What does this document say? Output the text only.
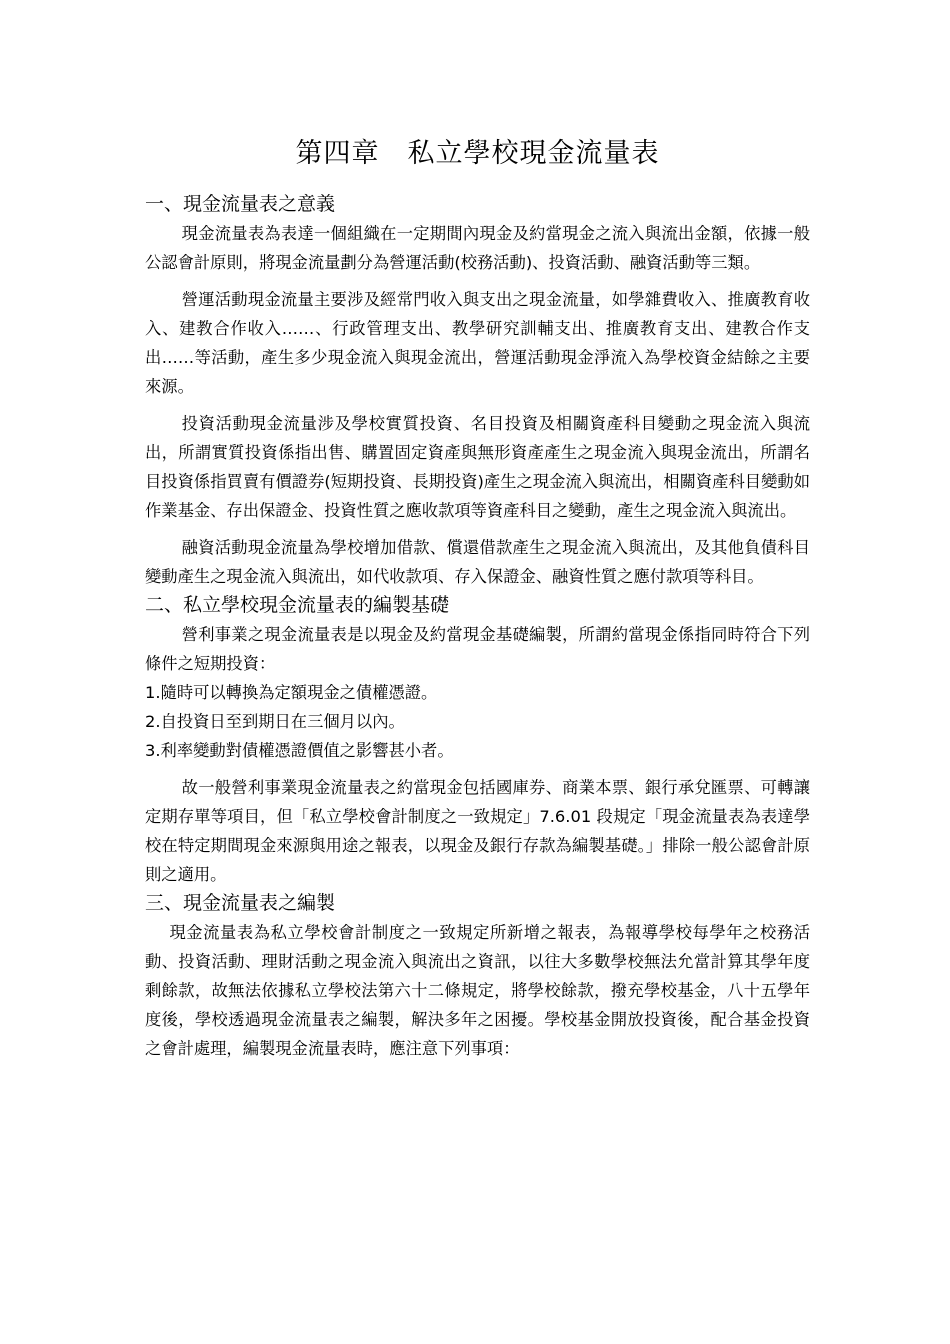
第四章　私立學校現金流量表
一、現金流量表之意義

現金流量表為表達一個組織在一定期間內現金及約當現金之流入與流出金額，依據一般公認會計原則，將現金流量劃分為營運活動(校務活動)、投資活動、融資活動等三類。

營運活動現金流量主要涉及經常門收入與支出之現金流量，如學雜費收入、推廣教育收入、建教合作收入……、行政管理支出、教學研究訓輔支出、推廣教育支出、建教合作支出……等活動，產生多少現金流入與現金流出，營運活動現金淨流入為學校資金結餘之主要來源。

投資活動現金流量涉及學校實質投資、名目投資及相關資產科目變動之現金流入與流出，所謂實質投資係指出售、購置固定資產與無形資產產生之現金流入與現金流出，所謂名目投資係指買賣有價證券(短期投資、長期投資)產生之現金流入與流出，相關資產科目變動如作業基金、存出保證金、投資性質之應收款項等資產科目之變動，產生之現金流入與流出。

融資活動現金流量為學校增加借款、償還借款產生之現金流入與流出，及其他負債科目變動產生之現金流入與流出，如代收款項、存入保證金、融資性質之應付款項等科目。

二、私立學校現金流量表的編製基礎

營利事業之現金流量表是以現金及約當現金基礎編製，所謂約當現金係指同時符合下列條件之短期投資：

1.隨時可以轉換為定額現金之債權憑證。

2.自投資日至到期日在三個月以內。

3.利率變動對債權憑證價值之影響甚小者。

故一般營利事業現金流量表之約當現金包括國庫券、商業本票、銀行承兌匯票、可轉讓定期存單等項目，但「私立學校會計制度之一致規定」7.6.01 段規定「現金流量表為表達學校在特定期間現金來源與用途之報表，以現金及銀行存款為編製基礎。」排除一般公認會計原則之適用。

三、現金流量表之編製

現金流量表為私立學校會計制度之一致規定所新增之報表，為報導學校每學年之校務活動、投資活動、理財活動之現金流入與流出之資訊，以往大多數學校無法允當計算其學年度剩餘款，故無法依據私立學校法第六十二條規定，將學校餘款，撥充學校基金，八十五學年度後，學校透過現金流量表之編製，解決多年之困擾。學校基金開放投資後，配合基金投資之會計處理，編製現金流量表時，應注意下列事項：
